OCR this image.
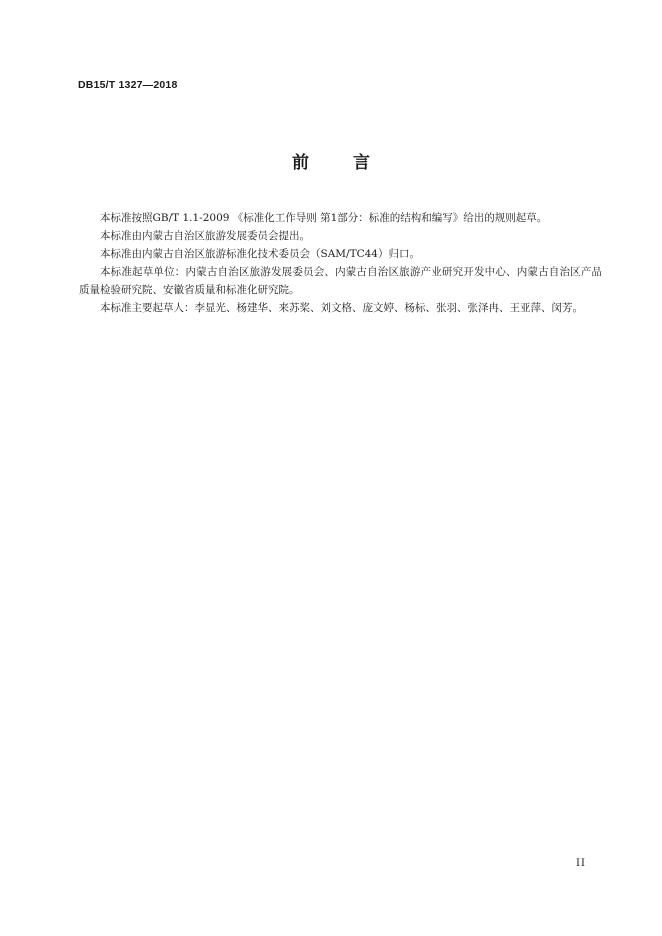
DB15/T 1327—2018
前	言

本标准按照GB/T 1.1-2009 《标准化工作导则 第1部分：标准的结构和编写》给出的规则起草。

本标准由内蒙古自治区旅游发展委员会提出。

本标准由内蒙古自治区旅游标准化技术委员会（SAM/TC44）归口。

本标准起草单位：内蒙古自治区旅游发展委员会、内蒙古自治区旅游产业研究开发中心、内蒙古自治区产品质量检验研究院、安徽省质量和标准化研究院。

本标准主要起草人：李显光、杨建华、来苏桨、刘文格、庞文婷、杨标、张羽、张泽冉、王亚萍、闵芳。

II
